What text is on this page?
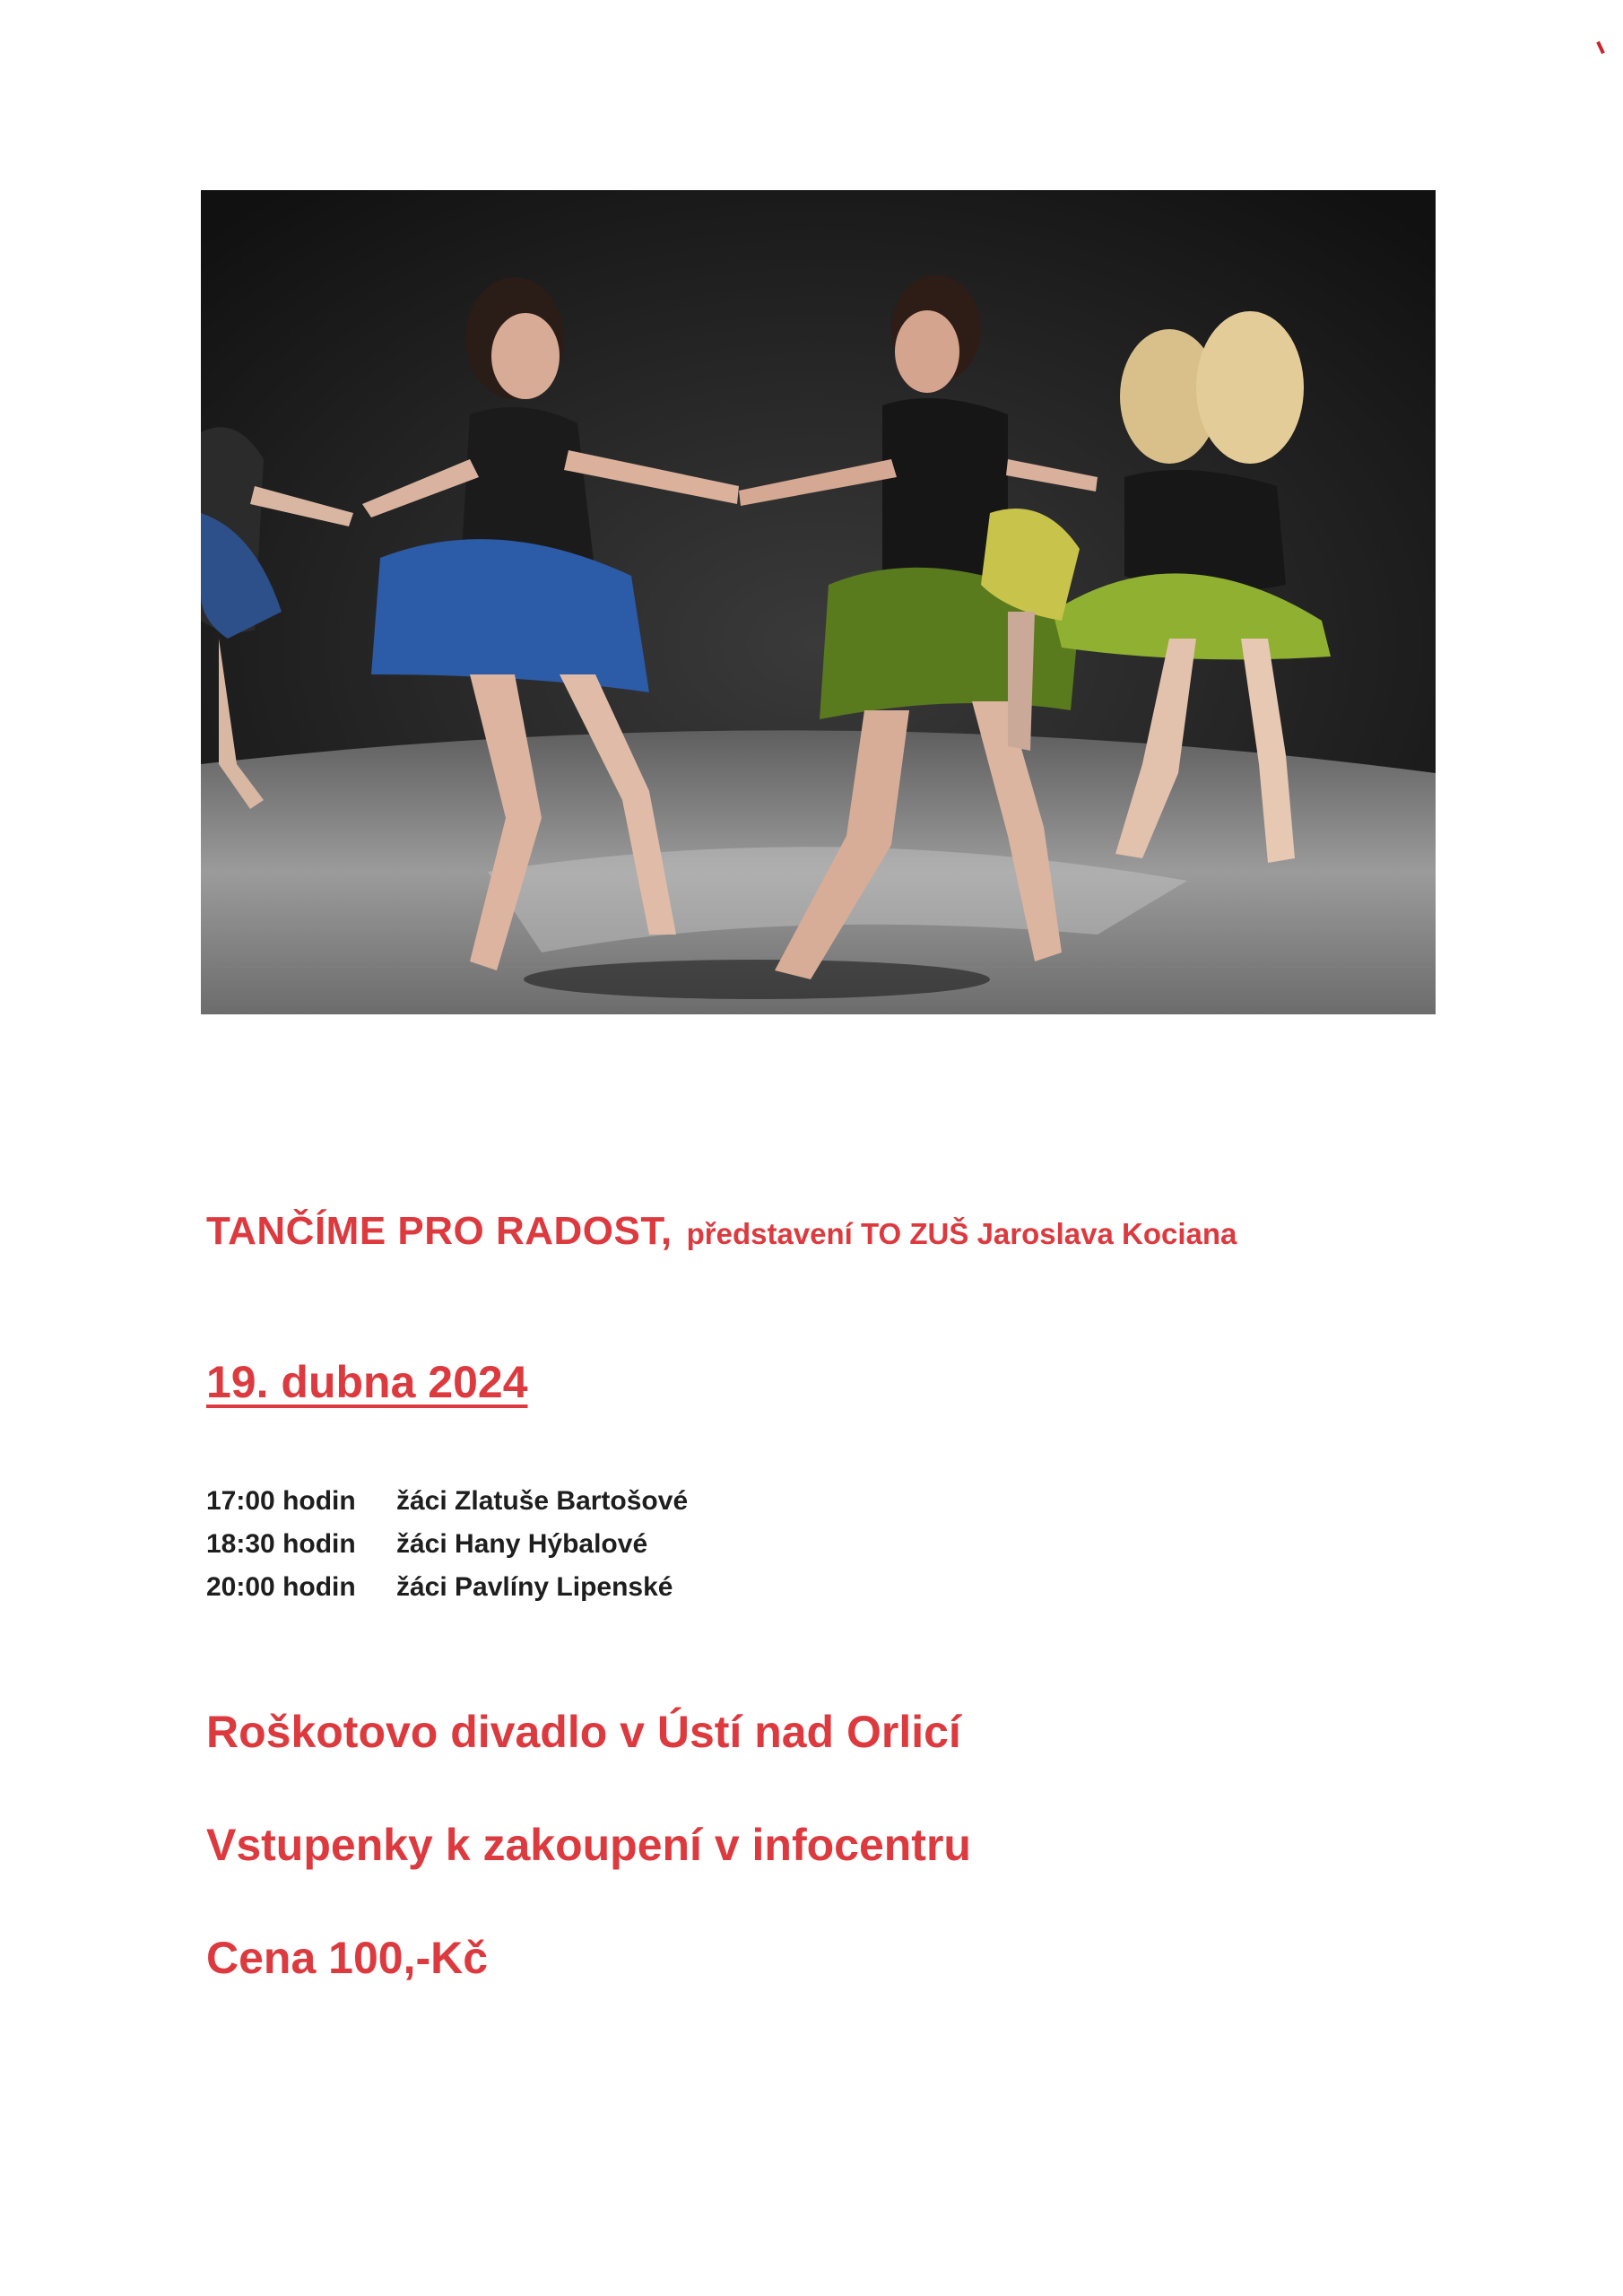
TANČÍME PRO RADOST, představení TO ZUŠ Jaroslava Kociana
19. dubna 2024
17:00 hodin žáci Zlatuše Bartošové
18:30 hodin žáci Hany Hýbalové
20:00 hodin žáci Pavlíny Lipenské
Roškotovo divadlo v Ústí nad Orlicí
Vstupenky k zakoupení v infocentru
Cena 100,-Kč
